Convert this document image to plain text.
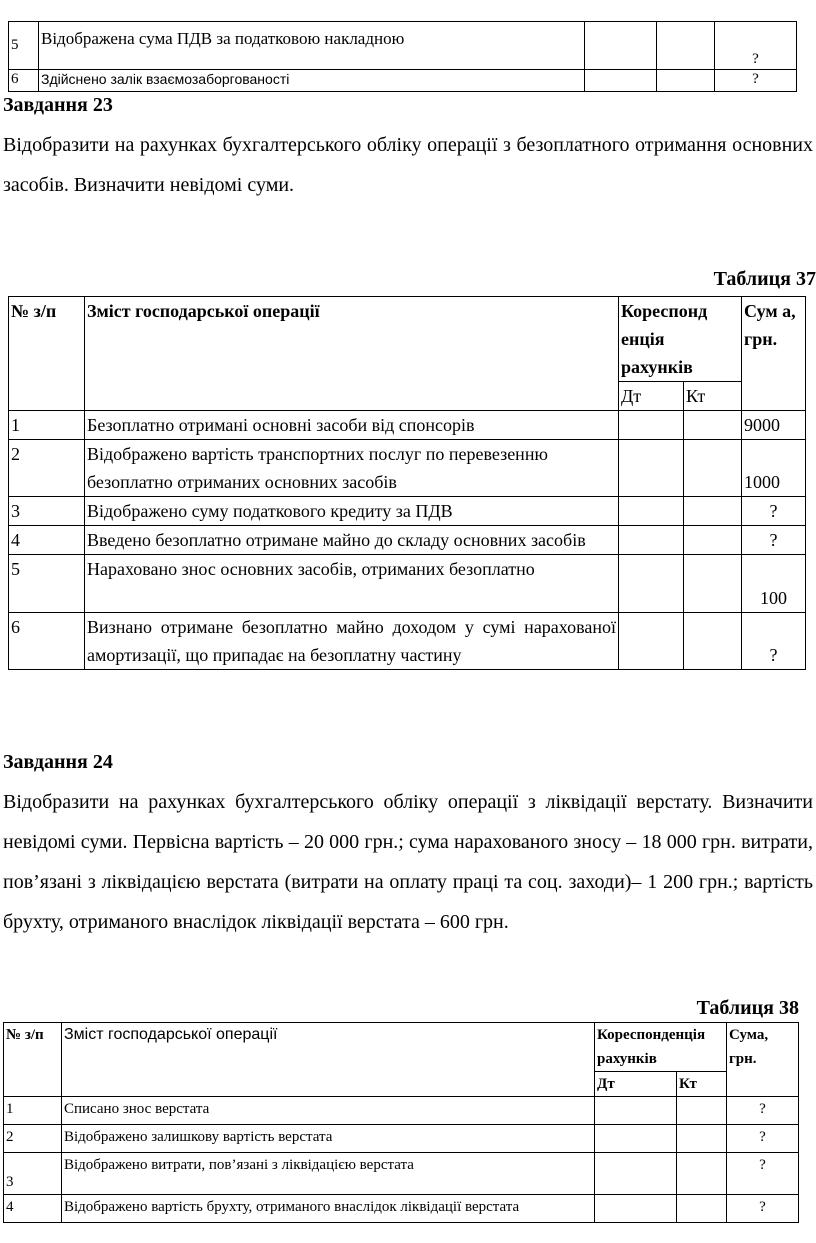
5	Відображена сума ПДВ за податковою накладною			?
6	Здійснено залік взаємозаборгованості			?
Завдання 23
Відобразити на рахунках бухгалтерського обліку операції з безоплатного отримання основних засобів. Визначити невідомі суми.
Таблиця 37
№ з/п	Зміст господарської операції	Кореспонд енція рахунків		Сум а, грн.
		Дт	Кт	
1	Безоплатно отримані основні засоби від спонсорів			9000
2	Відображено вартість транспортних послуг по перевезенню безоплатно отриманих основних засобів			1000
3	Відображено суму податкового кредиту за ПДВ			?
4	Введено безоплатно отримане майно до складу основних засобів			?
5	Нараховано знос основних засобів, отриманих безоплатно			100
6	Визнано отримане безоплатно майно доходом у сумі нарахованої амортизації, що припадає на безоплатну частину			?
Завдання 24
Відобразити на рахунках бухгалтерського обліку операції з ліквідації верстату. Визначити невідомі суми. Первісна вартість – 20 000 грн.; сума нарахованого зносу – 18 000 грн. витрати, пов’язані з ліквідацією верстата (витрати на оплату праці та соц. заходи)– 1 200 грн.; вартість брухту, отриманого внаслідок ліквідації верстата – 600 грн.
Таблиця 38
№ з/п	Зміст господарської операції	Кореспонденція рахунків		Сума, грн.
		Дт	Кт	
1	Списано знос верстата			?
2	Відображено залишкову вартість верстата			?
3	Відображено витрати, пов’язані з ліквідацією верстата			?
4	Відображено вартість брухту, отриманого внаслідок ліквідації верстата			?
